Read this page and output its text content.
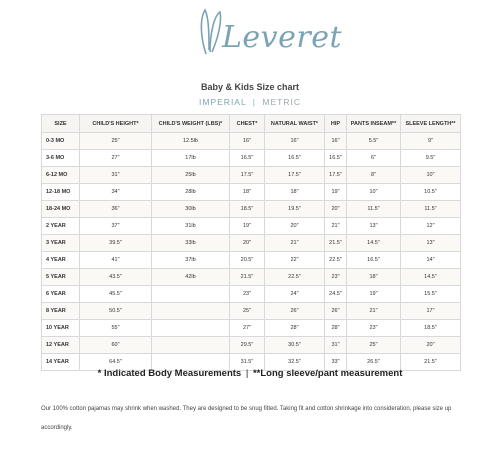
Leveret
Baby & Kids Size chart
IMPERIAL | METRIC
SIZE	CHILD'S HEIGHT*	CHILD'S WEIGHT (LBS)*	CHEST*	NATURAL WAIST*	HIP	PANTS INSEAM**	SLEEVE LENGTH**
0-3 MO	25"	12.5lb	16"	16"	16"	5.5"	9"
3-6 MO	27"	17lb	16.5"	16.5"	16.5"	6"	9.5"
6-12 MO	31"	25lb	17.5"	17.5"	17.5"	8"	10"
12-18 MO	34"	28lb	18"	18"	19"	10"	10.5"
18-24 MO	36"	30lb	18.5"	19.5"	20"	11.5"	11.5"
2 YEAR	37"	31lb	19"	20"	21"	13"	12"
3 YEAR	39.5"	33lb	20"	21"	21.5"	14.5"	13"
4 YEAR	41"	37lb	20.5"	22"	22.5"	16.5"	14"
5 YEAR	43.5"	42lb	21.5"	22.5"	23"	18"	14.5"
6 YEAR	45.5"		23"	24"	24.5"	19"	15.5"
8 YEAR	50.5"		25"	26"	26"	21"	17"
10 YEAR	55"		27"	28"	28"	23"	18.5"
12 YEAR	60"		29.5"	30.5"	31"	25"	20"
14 YEAR	64.5"		31.5"	32.5"	33"	26.5"	21.5"
* Indicated Body Measurements | **Long sleeve/pant measurement
Our 100% cotton pajamas may shrink when washed. They are designed to be snug fitted. Taking fit and cotton shrinkage into consideration, please size up accordingly.
